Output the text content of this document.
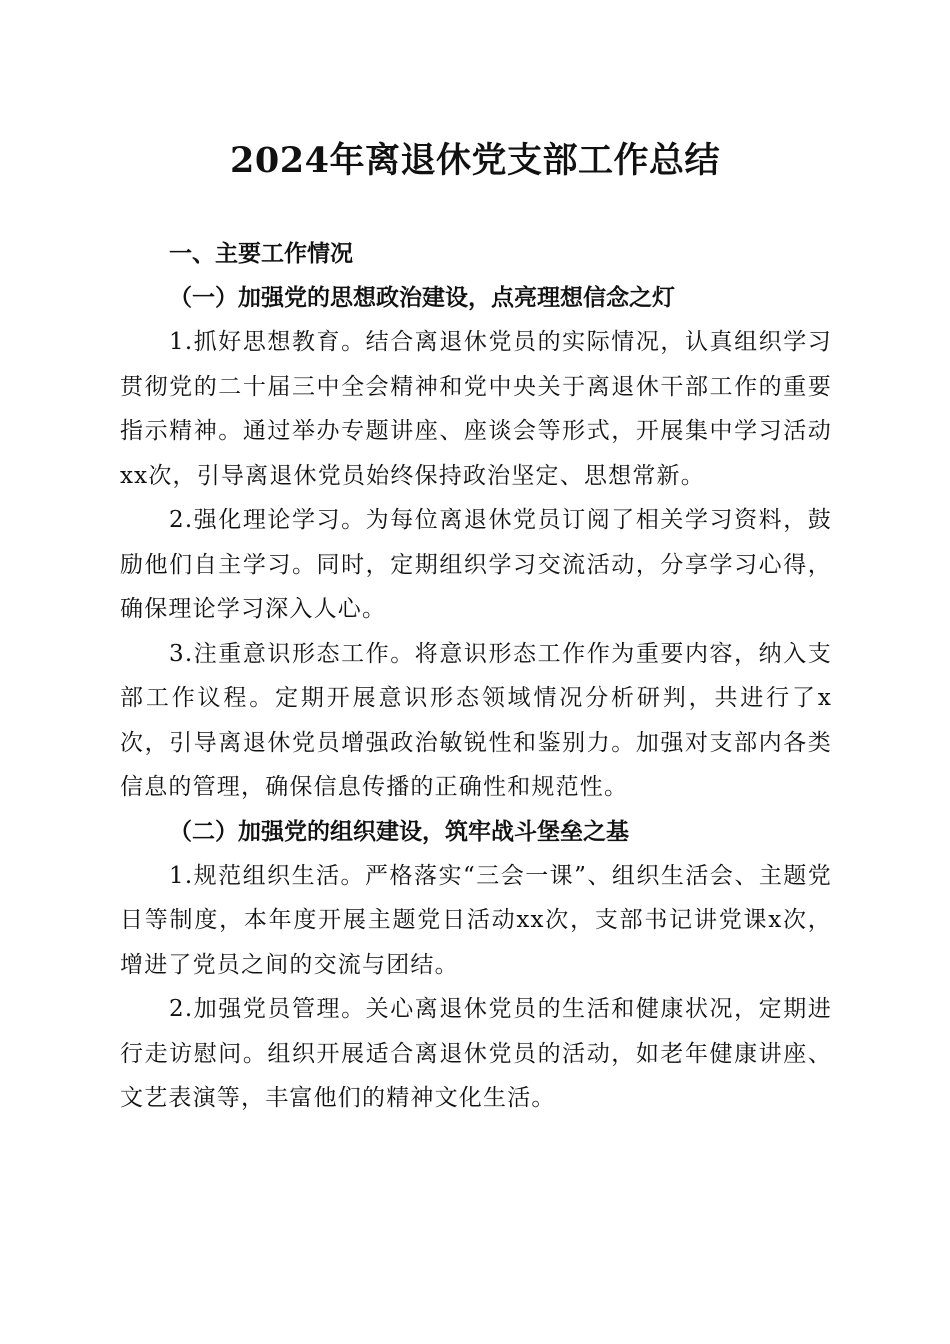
2024年离退休党支部工作总结
一、主要工作情况
（一）加强党的思想政治建设，点亮理想信念之灯

1.抓好思想教育。结合离退休党员的实际情况，认真组织学习贯彻党的二十届三中全会精神和党中央关于离退休干部工作的重要指示精神。通过举办专题讲座、座谈会等形式，开展集中学习活动xx次，引导离退休党员始终保持政治坚定、思想常新。

2.强化理论学习。为每位离退休党员订阅了相关学习资料，鼓励他们自主学习。同时，定期组织学习交流活动，分享学习心得，确保理论学习深入人心。

3.注重意识形态工作。将意识形态工作作为重要内容，纳入支部工作议程。定期开展意识形态领域情况分析研判，共进行了x次，引导离退休党员增强政治敏锐性和鉴别力。加强对支部内各类信息的管理，确保信息传播的正确性和规范性。

（二）加强党的组织建设，筑牢战斗堡垒之基

1.规范组织生活。严格落实“三会一课”、组织生活会、主题党日等制度，本年度开展主题党日活动xx次，支部书记讲党课x次，增进了党员之间的交流与团结。

2.加强党员管理。关心离退休党员的生活和健康状况，定期进行走访慰问。组织开展适合离退休党员的活动，如老年健康讲座、文艺表演等，丰富他们的精神文化生活。
